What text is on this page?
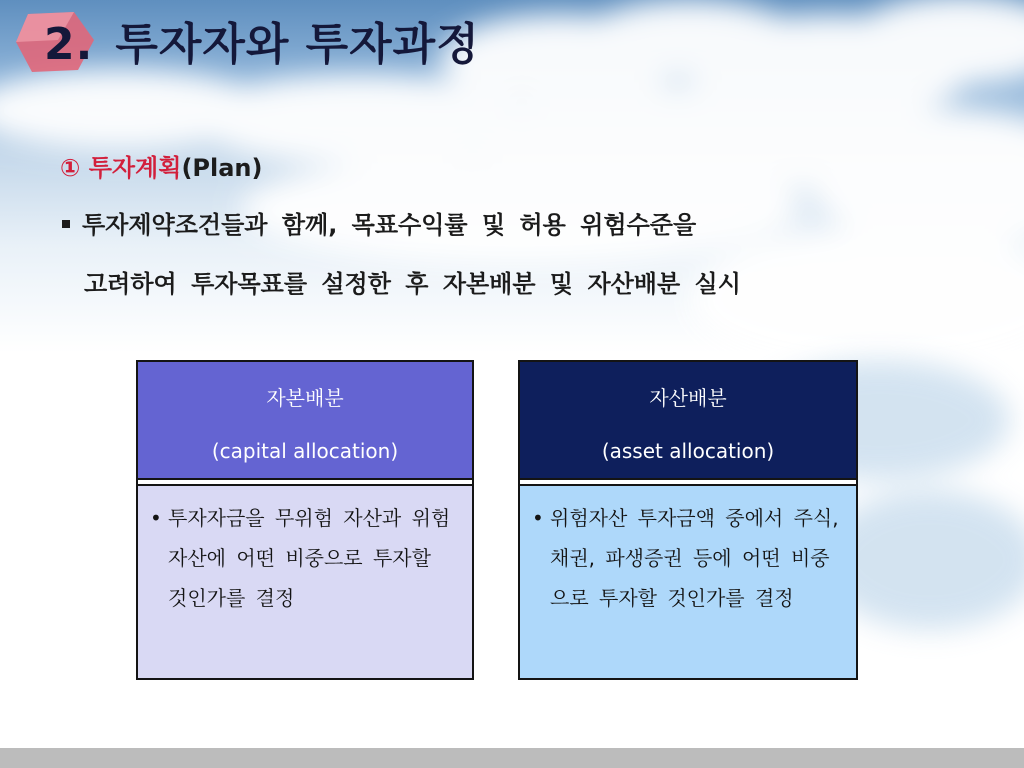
2. 투자자와 투자과정

① 투자계획(Plan)

투자제약조건들과 함께, 목표수익률 및 허용 위험수준을

고려하여 투자목표를 설정한 후 자본배분 및 자산배분 실시

자본배분
(capital allocation)
• 투자자금을 무위험 자산과 위험자산에 어떤 비중으로 투자할 것인가를 결정
자산배분
(asset allocation)
• 위험자산 투자금액 중에서 주식, 채권, 파생증권 등에 어떤 비중으로 투자할 것인가를 결정
